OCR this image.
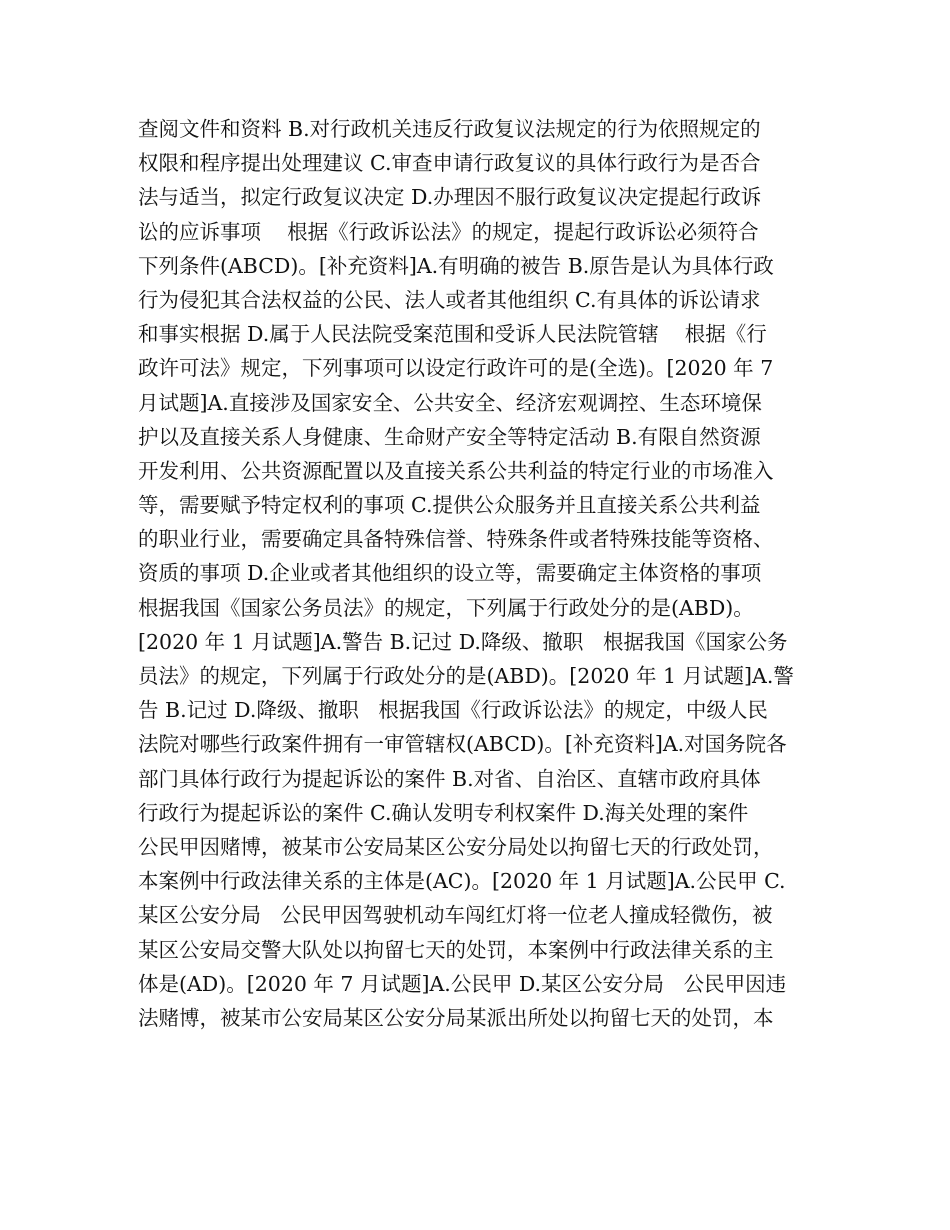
查阅文件和资料 B.对行政机关违反行政复议法规定的行为依照规定的
权限和程序提出处理建议 C.审查申请行政复议的具体行政行为是否合
法与适当，拟定行政复议决定 D.办理因不服行政复议决定提起行政诉
讼的应诉事项    根据《行政诉讼法》的规定，提起行政诉讼必须符合
下列条件(ABCD)。[补充资料]A.有明确的被告 B.原告是认为具体行政
行为侵犯其合法权益的公民、法人或者其他组织 C.有具体的诉讼请求
和事实根据 D.属于人民法院受案范围和受诉人民法院管辖    根据《行
政许可法》规定，下列事项可以设定行政许可的是(全选)。[2020 年 7
月试题]A.直接涉及国家安全、公共安全、经济宏观调控、生态环境保
护以及直接关系人身健康、生命财产安全等特定活动 B.有限自然资源
开发利用、公共资源配置以及直接关系公共利益的特定行业的市场准入
等，需要赋予特定权利的事项 C.提供公众服务并且直接关系公共利益
的职业行业，需要确定具备特殊信誉、特殊条件或者特殊技能等资格、
资质的事项 D.企业或者其他组织的设立等，需要确定主体资格的事项
根据我国《国家公务员法》的规定，下列属于行政处分的是(ABD)。
[2020 年 1 月试题]A.警告 B.记过 D.降级、撤职   根据我国《国家公务
员法》的规定，下列属于行政处分的是(ABD)。[2020 年 1 月试题]A.警
告 B.记过 D.降级、撤职   根据我国《行政诉讼法》的规定，中级人民
法院对哪些行政案件拥有一审管辖权(ABCD)。[补充资料]A.对国务院各
部门具体行政行为提起诉讼的案件 B.对省、自治区、直辖市政府具体
行政行为提起诉讼的案件 C.确认发明专利权案件 D.海关处理的案件
公民甲因赌博，被某市公安局某区公安分局处以拘留七天的行政处罚，
本案例中行政法律关系的主体是(AC)。[2020 年 1 月试题]A.公民甲 C.
某区公安分局   公民甲因驾驶机动车闯红灯将一位老人撞成轻微伤，被
某区公安局交警大队处以拘留七天的处罚，本案例中行政法律关系的主
体是(AD)。[2020 年 7 月试题]A.公民甲 D.某区公安分局   公民甲因违
法赌博，被某市公安局某区公安分局某派出所处以拘留七天的处罚，本
